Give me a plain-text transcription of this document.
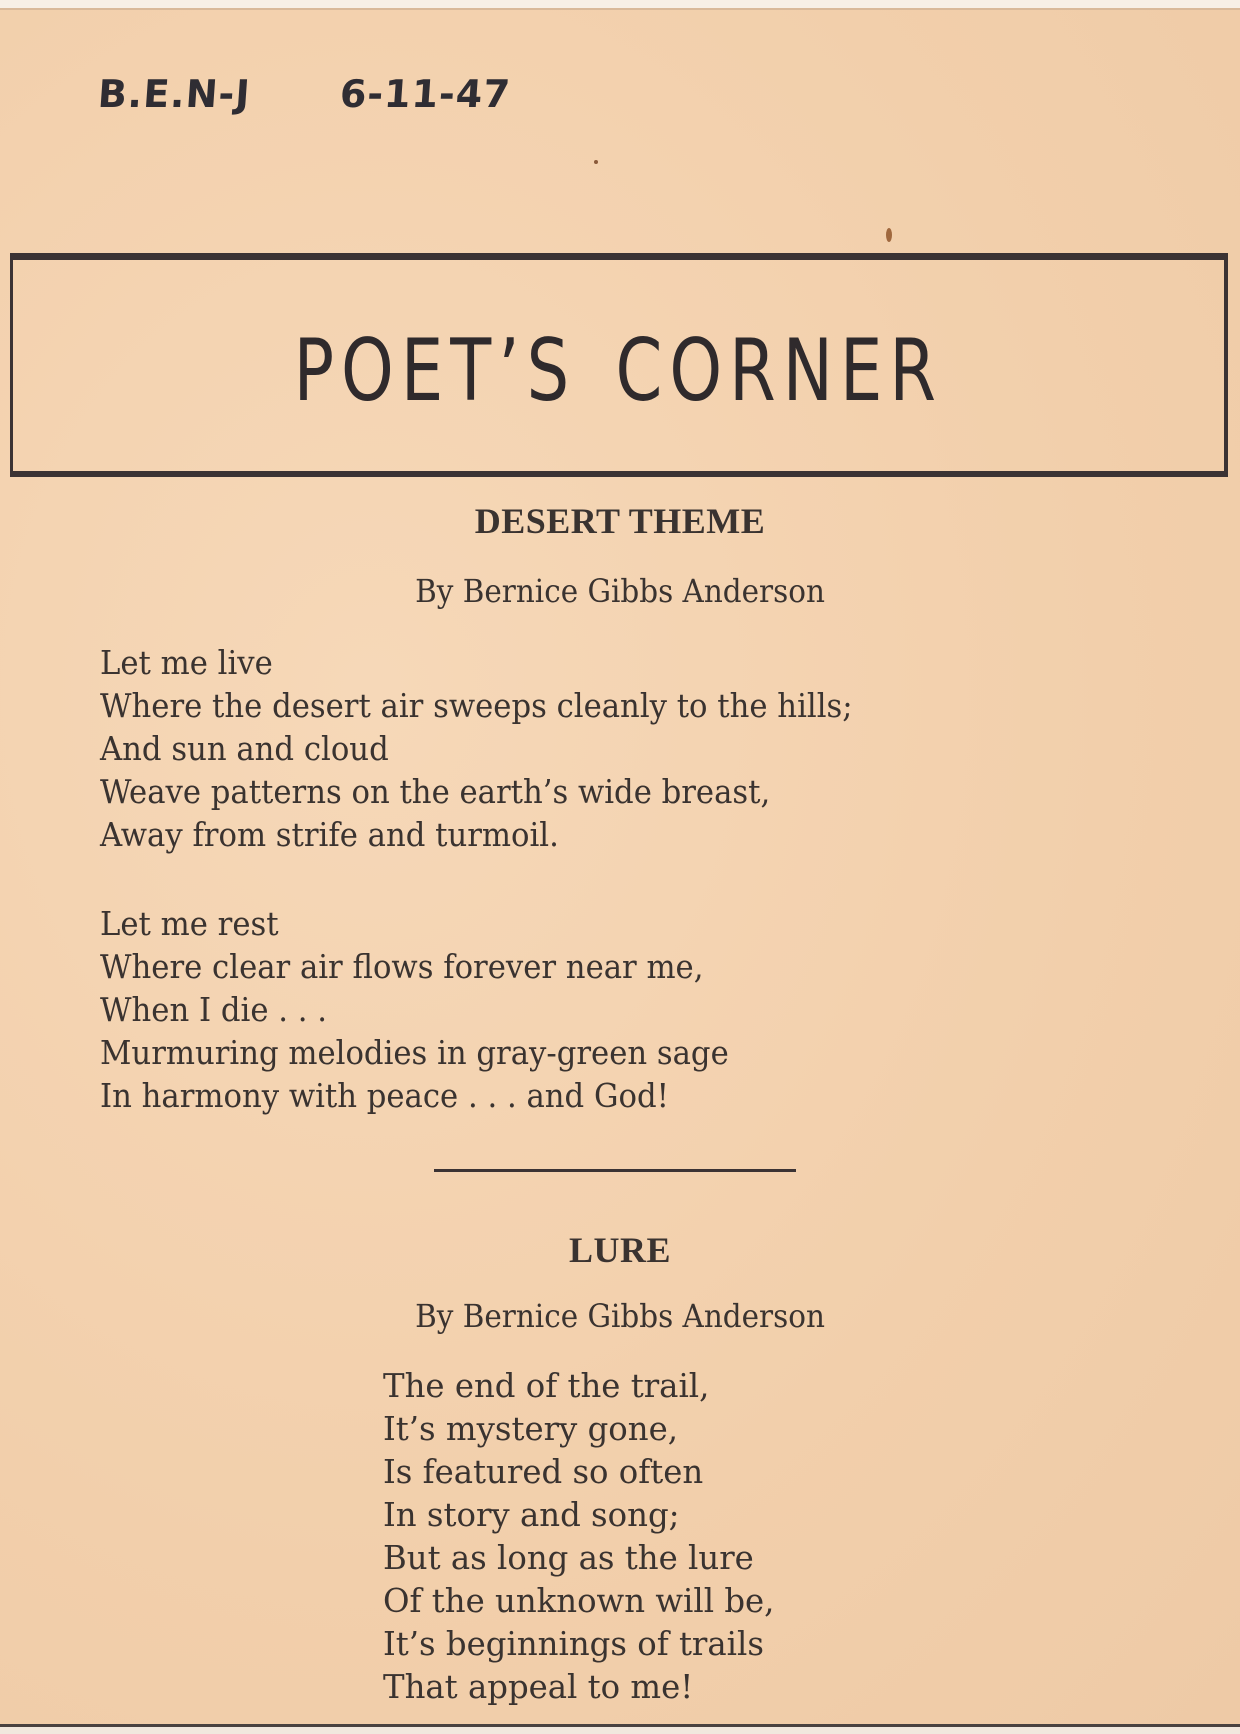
B.E.N-J 6-11-47
POET’S CORNER
DESERT THEME
By Bernice Gibbs Anderson
Let me live
Where the desert air sweeps cleanly to the hills;
And sun and cloud
Weave patterns on the earth’s wide breast,
Away from strife and turmoil.
Let me rest
Where clear air flows forever near me,
When I die . . .
Murmuring melodies in gray-green sage
In harmony with peace . . . and God!
LURE
By Bernice Gibbs Anderson
The end of the trail,
It’s mystery gone,
Is featured so often
In story and song;
But as long as the lure
Of the unknown will be,
It’s beginnings of trails
That appeal to me!
